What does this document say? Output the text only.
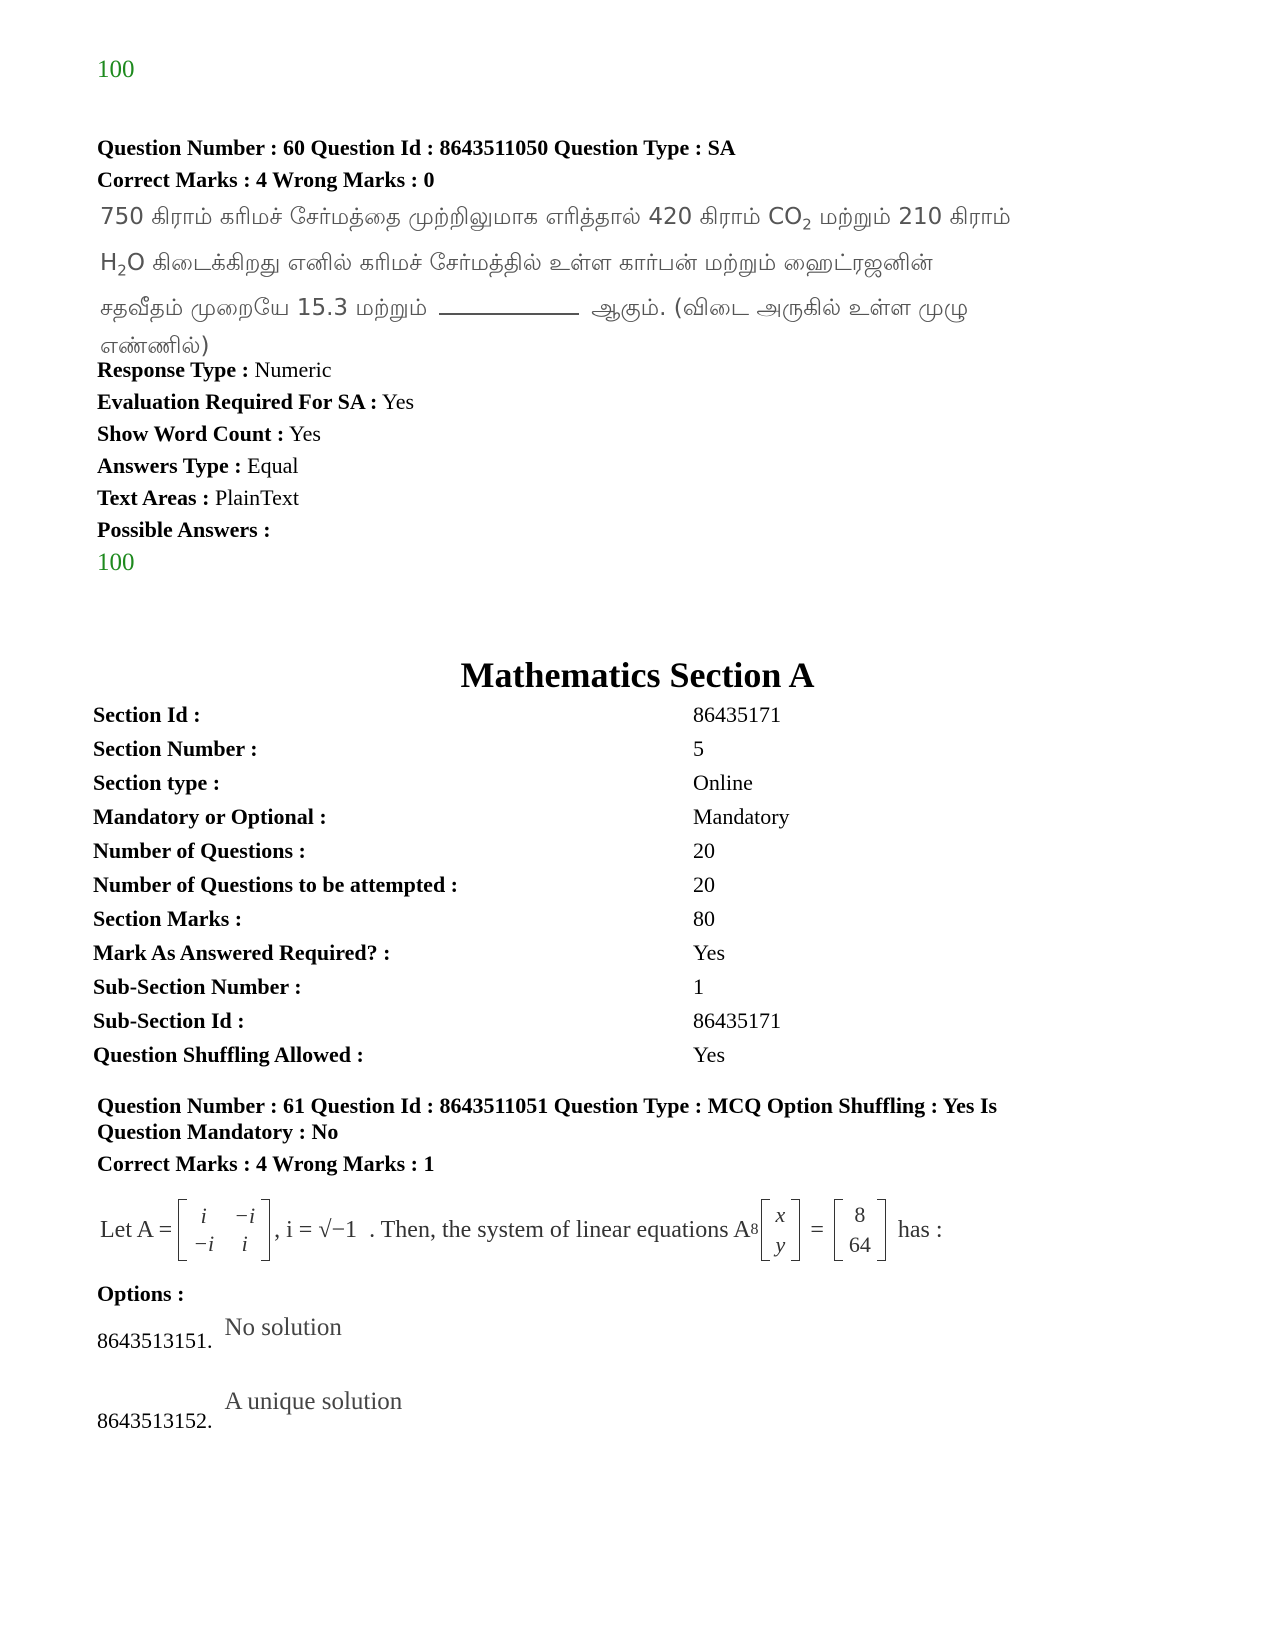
100
Question Number : 60 Question Id : 8643511050 Question Type : SA
Correct Marks : 4 Wrong Marks : 0
750 கிராம் கரிமச் சேர்மத்தை முற்றிலுமாக எரித்தால் 420 கிராம் $CO_2$ மற்றும் 210 கிராம்
$H_2O$ கிடைக்கிறது எனில் கரிமச் சேர்மத்தில் உள்ள கார்பன் மற்றும் ஹைட்ரஜனின்
சதவீதம் முறையே 15.3 மற்றும்	ஆகும். (விடை அருகில் உள்ள முழு
எண்ணில்)
Response Type : Numeric
Evaluation Required For SA : Yes
Show Word Count : Yes
Answers Type : Equal
Text Areas : PlainText
Possible Answers :
100
Mathematics Section A
Section Id :	86435171
Section Number :	5
Section type :	Online
Mandatory or Optional :	Mandatory
Number of Questions :	20
Number of Questions to be attempted :	20
Section Marks :	80
Mark As Answered Required? :	Yes
Sub-Section Number :	1
Sub-Section Id :	86435171
Question Shuffling Allowed :	Yes
Question Number : 61 Question Id : 8643511051 Question Type : MCQ Option Shuffling : Yes Is
Question Mandatory : No
Correct Marks : 4 Wrong Marks : 1
Let A =
i	−i
−i	i
, i = √−1 . Then, the system of linear equations A 8
x
y
=
8
64
has :
Options :
8643513151. No solution
8643513152.
A unique solution
